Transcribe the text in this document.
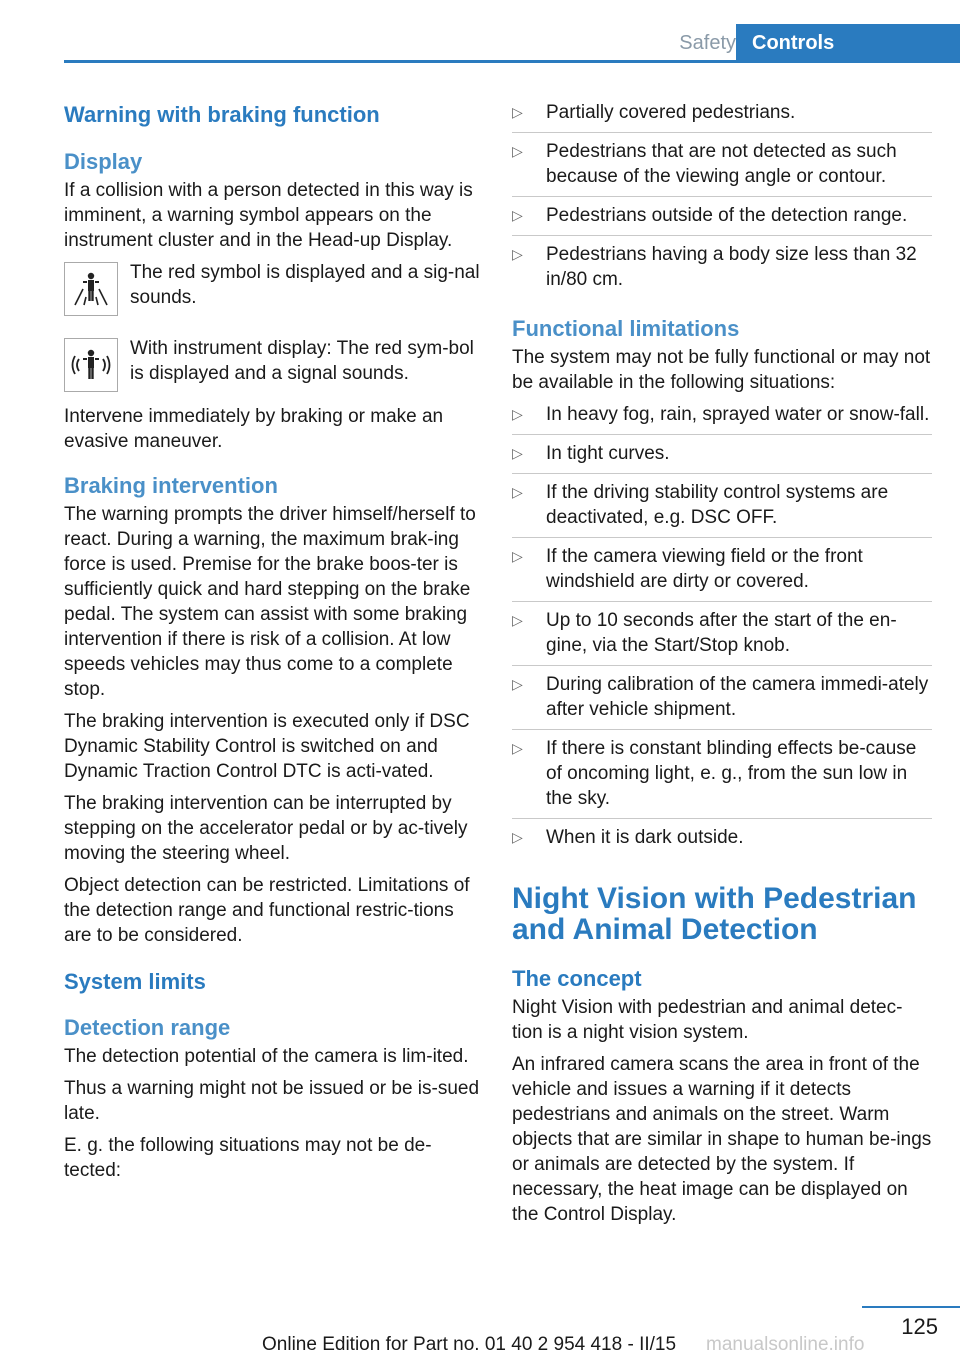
Safety Controls
Warning with braking function
Display

If a collision with a person detected in this way is imminent, a warning symbol appears on the instrument cluster and in the Head-up Display.

The red symbol is displayed and a sig‐nal sounds.
With instrument display: The red sym‐bol is displayed and a signal sounds.

Intervene immediately by braking or make an evasive maneuver.

Braking intervention

The warning prompts the driver himself/herself to react. During a warning, the maximum brak‐ing force is used. Premise for the brake boos‐ter is sufficiently quick and hard stepping on the brake pedal. The system can assist with some braking intervention if there is risk of a collision. At low speeds vehicles may thus come to a complete stop.

The braking intervention is executed only if DSC Dynamic Stability Control is switched on and Dynamic Traction Control DTC is acti‐vated.

The braking intervention can be interrupted by stepping on the accelerator pedal or by ac‐tively moving the steering wheel.

Object detection can be restricted. Limitations of the detection range and functional restric‐tions are to be considered.

System limits
Detection range

The detection potential of the camera is lim‐ited.

Thus a warning might not be issued or be is‐sued late.

E. g. the following situations may not be de‐tected:

▷ Partially covered pedestrians.
▷ Pedestrians that are not detected as such because of the viewing angle or contour.
▷ Pedestrians outside of the detection range.
▷ Pedestrians having a body size less than 32 in/80 cm.
Functional limitations

The system may not be fully functional or may not be available in the following situations:

▷ In heavy fog, rain, sprayed water or snow‐fall.
▷ In tight curves.
▷ If the driving stability control systems are deactivated, e.g. DSC OFF.
▷ If the camera viewing field or the front windshield are dirty or covered.
▷ Up to 10 seconds after the start of the en‐gine, via the Start/Stop knob.
▷ During calibration of the camera immedi‐ately after vehicle shipment.
▷ If there is constant blinding effects be‐cause of oncoming light, e. g., from the sun low in the sky.
▷ When it is dark outside.
Night Vision with Pedestrian and Animal Detection
The concept

Night Vision with pedestrian and animal detec‐tion is a night vision system.

An infrared camera scans the area in front of the vehicle and issues a warning if it detects pedestrians and animals on the street. Warm objects that are similar in shape to human be‐ings or animals are detected by the system. If necessary, the heat image can be displayed on the Control Display.

125
Online Edition for Part no. 01 40 2 954 418 - II/15 manualsonline.info
